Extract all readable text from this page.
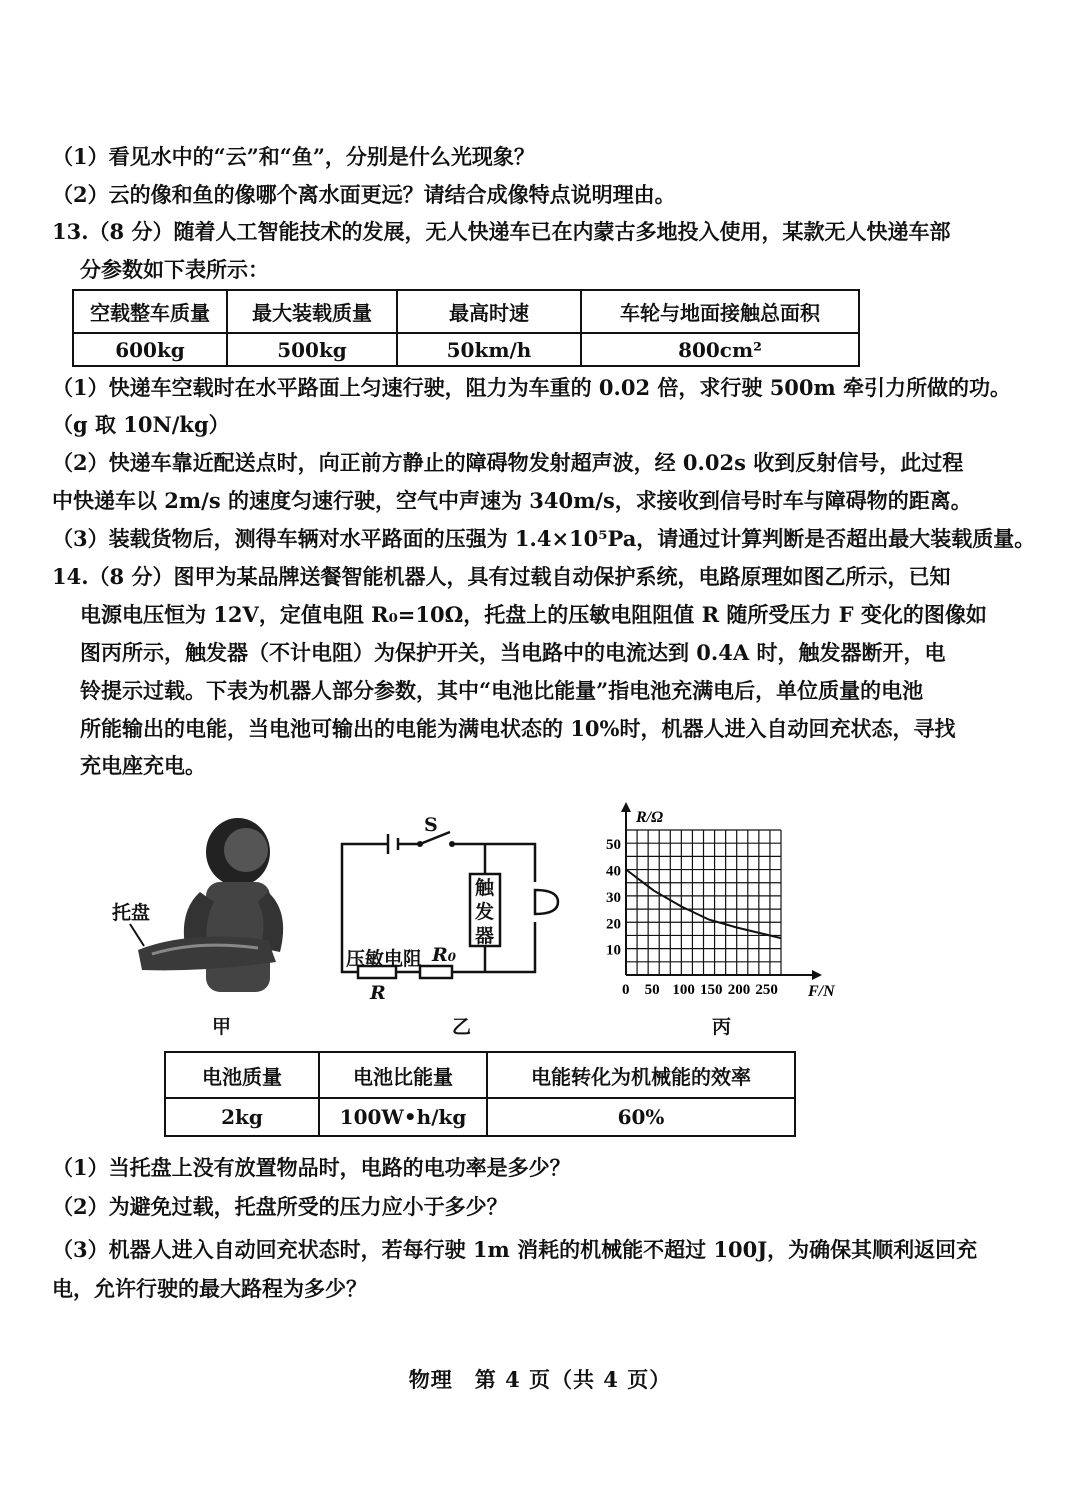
（1）看见水中的“云”和“鱼”，分别是什么光现象？
（2）云的像和鱼的像哪个离水面更远？请结合成像特点说明理由。
13.（8 分）随着人工智能技术的发展，无人快递车已在内蒙古多地投入使用，某款无人快递车部
分参数如下表所示：
空载整车质量	最大装载质量	最高时速	车轮与地面接触总面积
600kg	500kg	50km/h	800cm²
（1）快递车空载时在水平路面上匀速行驶，阻力为车重的 0.02 倍，求行驶 500m 牵引力所做的功。
（g 取 10N/kg）
（2）快递车靠近配送点时，向正前方静止的障碍物发射超声波，经 0.02s 收到反射信号，此过程
中快递车以 2m/s 的速度匀速行驶，空气中声速为 340m/s，求接收到信号时车与障碍物的距离。
（3）装载货物后，测得车辆对水平路面的压强为 1.4×10⁵Pa，请通过计算判断是否超出最大装载质量。
14.（8 分）图甲为某品牌送餐智能机器人，具有过载自动保护系统，电路原理如图乙所示，已知
电源电压恒为 12V，定值电阻 R₀=10Ω，托盘上的压敏电阻阻值 R 随所受压力 F 变化的图像如
图丙所示，触发器（不计电阻）为保护开关，当电路中的电流达到 0.4A 时，触发器断开，电
铃提示过载。下表为机器人部分参数，其中“电池比能量”指电池充满电后，单位质量的电池
所能输出的电能，当电池可输出的电能为满电状态的 10%时，机器人进入自动回充状态，寻找
充电座充电。
托盘
甲
S
触发器
压敏电阻 R₀
R
乙
R/Ω
F/N
10
20
30
40
50
0 50 100 150 200 250
丙
电池质量	电池比能量	电能转化为机械能的效率
2kg	100W•h/kg	60%
（1）当托盘上没有放置物品时，电路的电功率是多少？
（2）为避免过载，托盘所受的压力应小于多少？
（3）机器人进入自动回充状态时，若每行驶 1m 消耗的机械能不超过 100J，为确保其顺利返回充
电，允许行驶的最大路程为多少？
物理　第 4 页（共 4 页）
